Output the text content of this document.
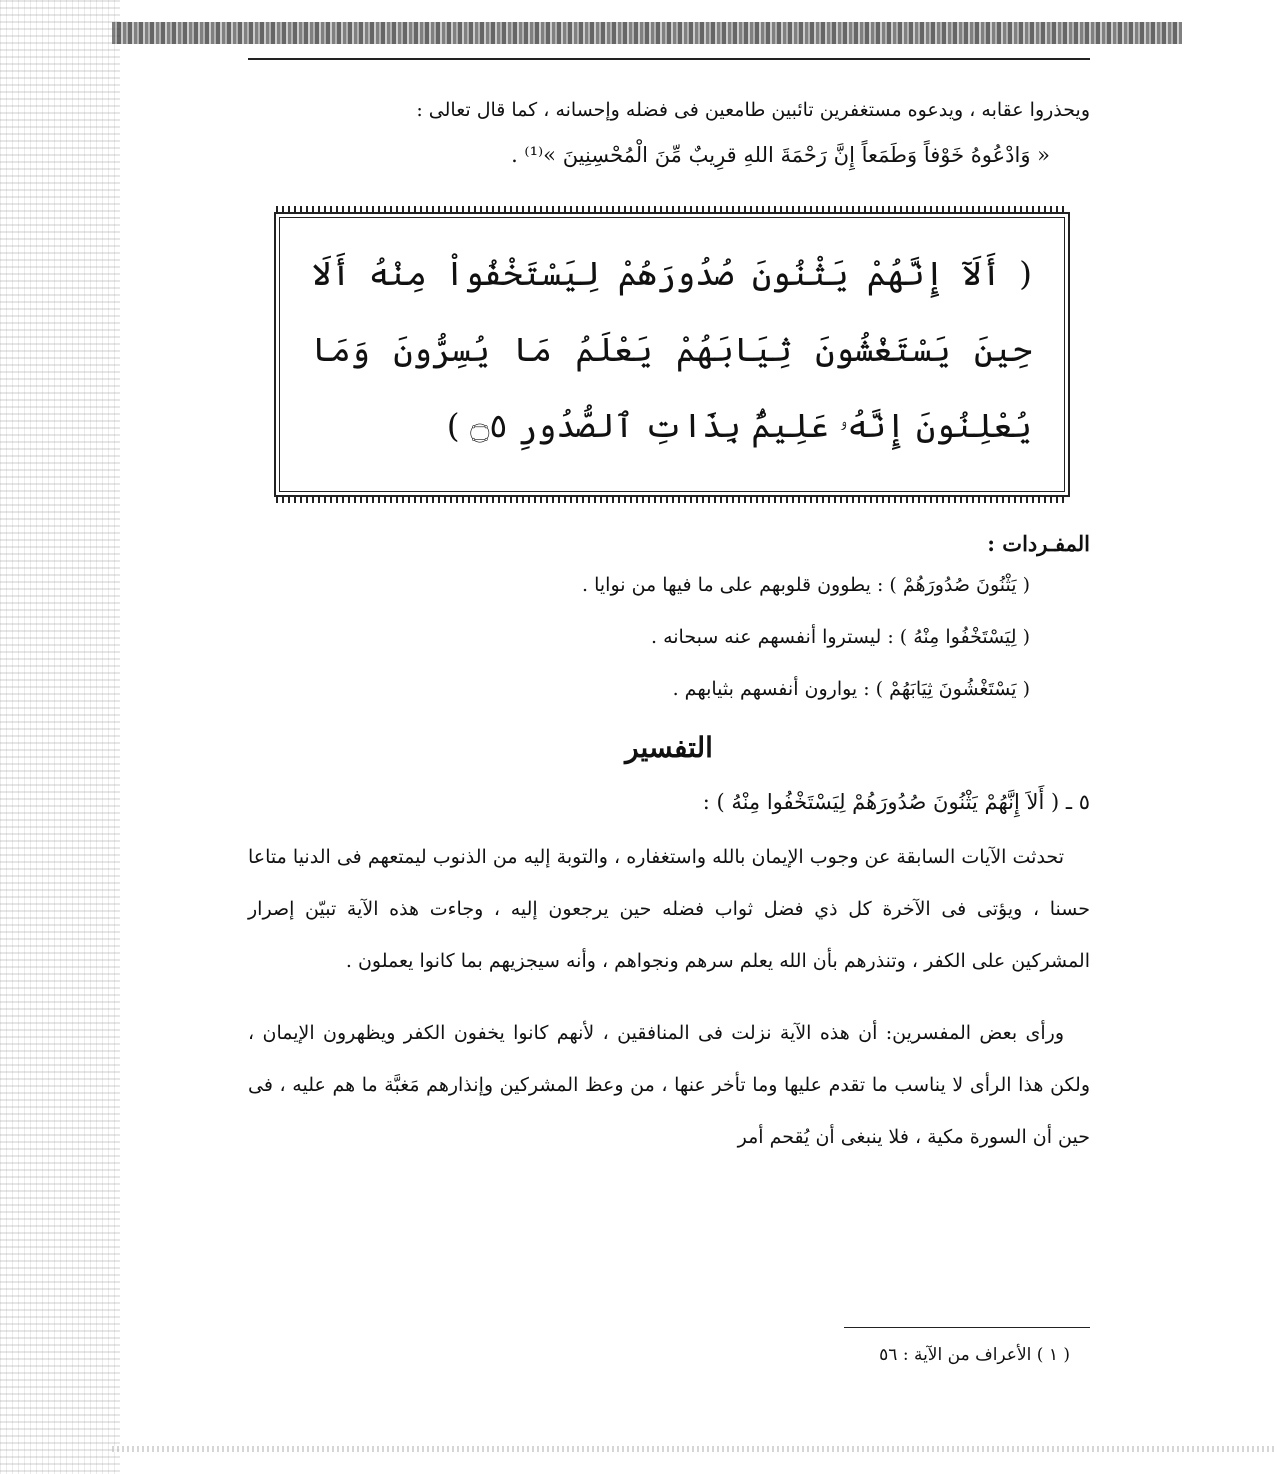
ويحذروا عقابه ، ويدعوه مستغفرين تائبين طامعين فى فضله وإحسانه ، كما قال تعالى :

« وَادْعُوهُ خَوْفاً وَطَمَعاً إِنَّ رَحْمَةَ اللهِ قرِيبٌ مِّنَ الْمُحْسِنِينَ »⁽¹⁾ .

( أَلَآ إِنَّهُمْ يَثْنُونَ صُدُورَهُمْ لِيَسْتَخْفُواْ مِنْهُ أَلَا حِينَ يَسْتَغْشُونَ ثِيَابَهُمْ يَعْلَمُ مَا يُسِرُّونَ وَمَا يُعْلِنُونَ إِنَّهُۥ عَلِيمٌۢ بِذَاتِ ٱلصُّدُورِ ۝٥ )

المفـردات :

( يَثْنُونَ صُدُورَهُمْ ) : يطوون قلوبهم على ما فيها من نوايا .

( لِيَسْتَخْفُوا مِنْهُ ) : ليستروا أنفسهم عنه سبحانه .

( يَسْتَغْشُونَ ثِيَابَهُمْ ) : يوارون أنفسهم بثيابهم .

التفسير

٥ ـ ( أَلاَ إِنَّهُمْ يَثْنُونَ صُدُورَهُمْ لِيَسْتَخْفُوا مِنْهُ ) :

تحدثت الآيات السابقة عن وجوب الإيمان بالله واستغفاره ، والتوبة إليه من الذنوب ليمتعهم فى الدنيا متاعا حسنا ، ويؤتى فى الآخرة كل ذي فضل ثواب فضله حين يرجعون إليه ، وجاءت هذه الآية تبيّن إصرار المشركين على الكفر ، وتنذرهم بأن الله يعلم سرهم ونجواهم ، وأنه سيجزيهم بما كانوا يعملون .

ورأى بعض المفسرين: أن هذه الآية نزلت فى المنافقين ، لأنهم كانوا يخفون الكفر ويظهرون الإيمان ، ولكن هذا الرأى لا يناسب ما تقدم عليها وما تأخر عنها ، من وعظ المشركين وإنذارهم مَغبَّة ما هم عليه ، فى حين أن السورة مكية ، فلا ينبغى أن يُقحم أمر

( ١ ) الأعراف من الآية : ٥٦
